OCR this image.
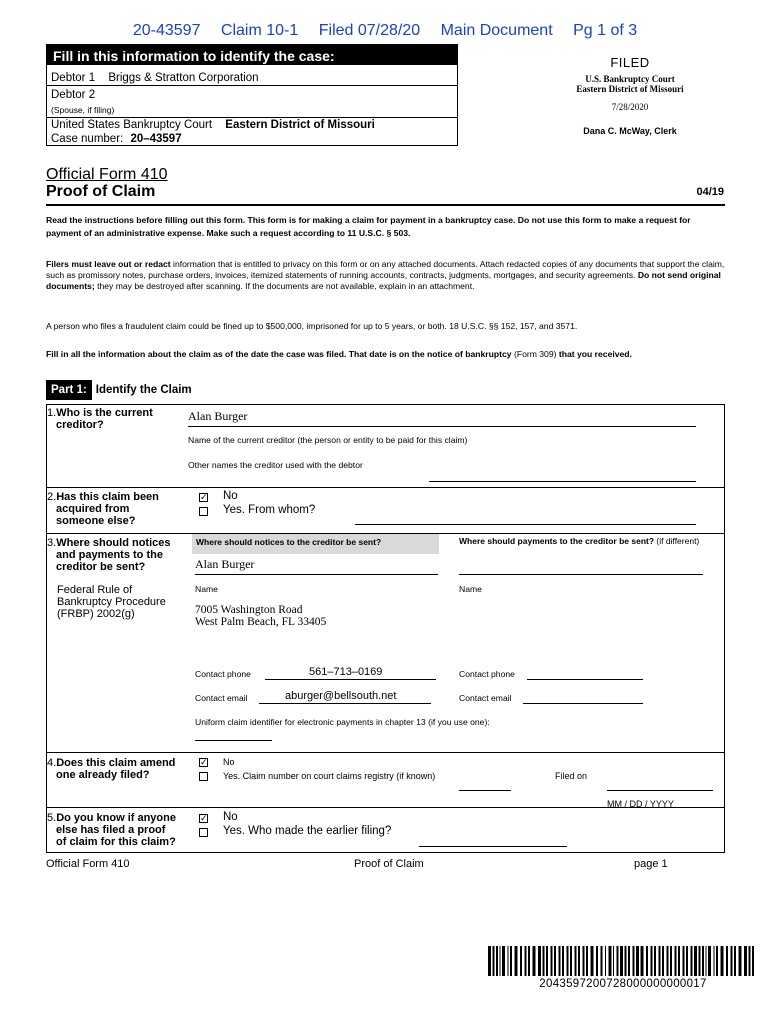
20-43597 Claim 10-1 Filed 07/28/20 Main Document Pg 1 of 3
Fill in this information to identify the case:
Debtor 1 Briggs & Stratton Corporation
Debtor 2
(Spouse, if filing)
United States Bankruptcy Court Eastern District of Missouri
Case number: 20–43597
FILED
U.S. Bankruptcy Court
Eastern District of Missouri
7/28/2020
Dana C. McWay, Clerk
Official Form 410
Proof of Claim	04/19
Read the instructions before filling out this form. This form is for making a claim for payment in a bankruptcy case. Do not use this form to make a request for payment of an administrative expense. Make such a request according to 11 U.S.C. § 503.
Filers must leave out or redact information that is entitled to privacy on this form or on any attached documents. Attach redacted copies of any documents that support the claim, such as promissory notes, purchase orders, invoices, itemized statements of running accounts, contracts, judgments, mortgages, and security agreements. Do not send original documents; they may be destroyed after scanning. If the documents are not available, explain in an attachment.
A person who files a fraudulent claim could be fined up to $500,000, imprisoned for up to 5 years, or both. 18 U.S.C. §§ 152, 157, and 3571.
Fill in all the information about the claim as of the date the case was filed. That date is on the notice of bankruptcy (Form 309) that you received.
Part 1: Identify the Claim
1.Who is the current
creditor?
Alan Burger
Name of the current creditor (the person or entity to be paid for this claim)
Other names the creditor used with the debtor
2.Has this claim been
acquired from
someone else?
✓ No
Yes. From whom?
3.Where should notices
and payments to the
creditor be sent?
Federal Rule of
Bankruptcy Procedure
(FRBP) 2002(g)
Where should notices to the creditor be sent?	Where should payments to the creditor be sent? (if different)
Alan Burger
Name	Name
7005 Washington Road
West Palm Beach, FL 33405
Contact phone	561–713–0169	Contact phone
Contact email	aburger@bellsouth.net	Contact email
Uniform claim identifier for electronic payments in chapter 13 (if you use one):
4.Does this claim amend
one already filed?
✓ No
Yes. Claim number on court claims registry (if known)	Filed on
MM / DD / YYYY
5.Do you know if anyone
else has filed a proof
of claim for this claim?
✓ No
Yes. Who made the earlier filing?
Official Form 410	Proof of Claim	page 1
2043597200728000000000017
